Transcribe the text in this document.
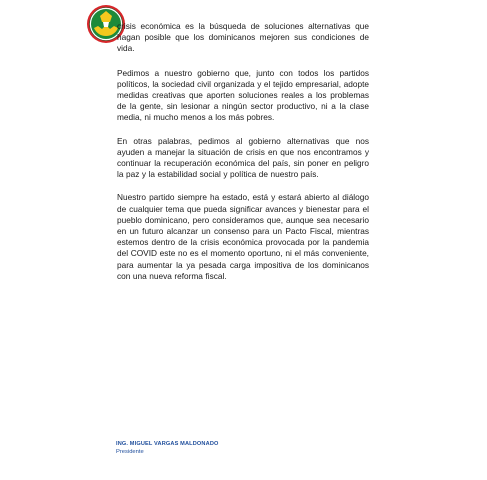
crisis económica es la búsqueda de soluciones alternativas que hagan posible que los dominicanos mejoren sus condiciones de vida.

Pedimos a nuestro gobierno que, junto con todos los partidos políticos, la sociedad civil organizada y el tejido empresarial, adopte medidas creativas que aporten soluciones reales a los problemas de la gente, sin lesionar a ningún sector productivo, ni a la clase media, ni mucho menos a los más pobres.

En otras palabras, pedimos al gobierno alternativas que nos ayuden a manejar la situación de crisis en que nos encontramos y continuar la recuperación económica del país, sin poner en peligro la paz y la estabilidad social y política de nuestro país.

Nuestro partido siempre ha estado, está y estará abierto al diálogo de cualquier tema que pueda significar avances y bienestar para el pueblo dominicano, pero consideramos que, aunque sea necesario en un futuro alcanzar un consenso para un Pacto Fiscal, mientras estemos dentro de la crisis económica provocada por la pandemia del COVID este no es el momento oportuno, ni el más conveniente, para aumentar la ya pesada carga impositiva de los dominicanos con una nueva reforma fiscal.

ING. MIGUEL VARGAS MALDONADO
Presidente
